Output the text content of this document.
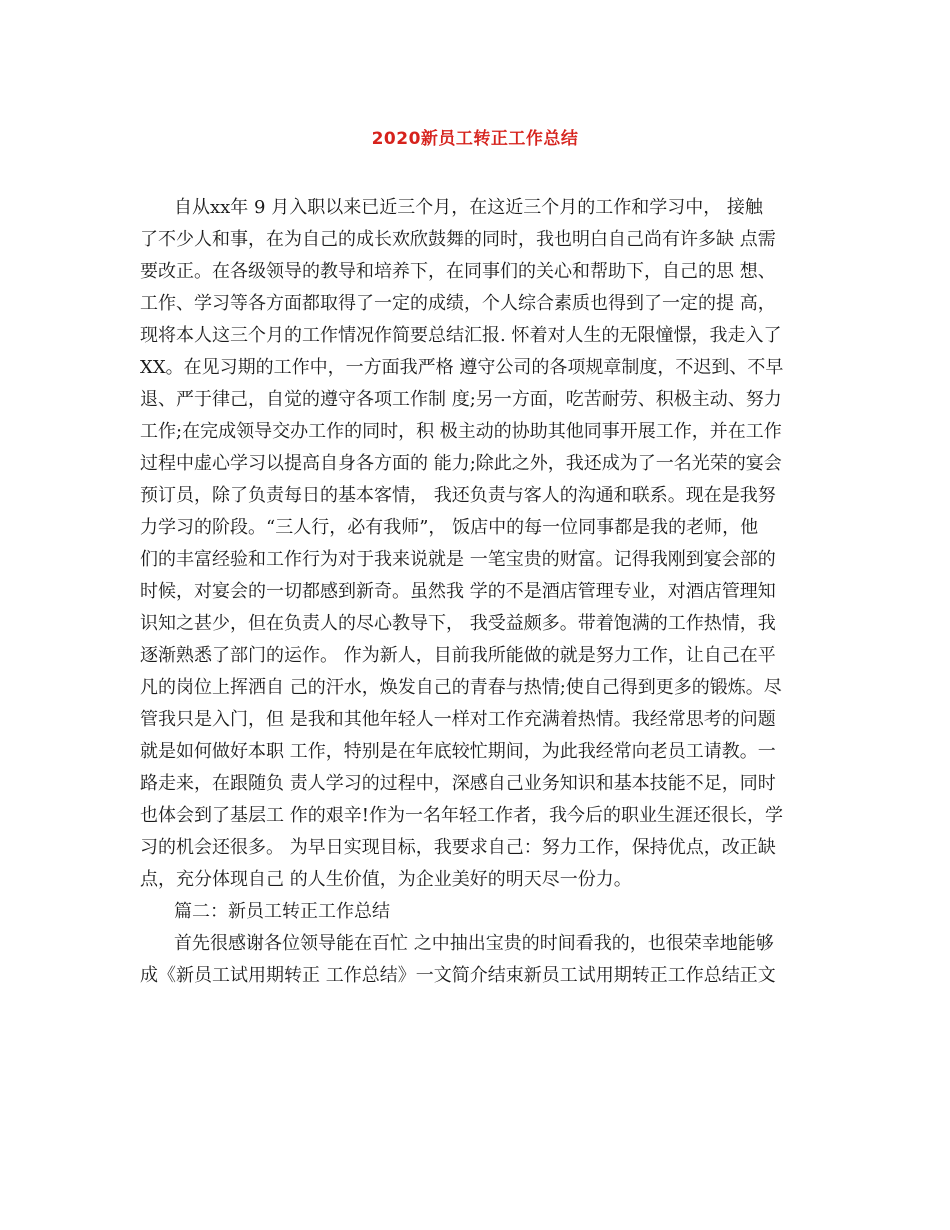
2020新员工转正工作总结
自从xx年 9 月入职以来已近三个月，在这近三个月的工作和学习中， 接触
了不少人和事，在为自己的成长欢欣鼓舞的同时，我也明白自己尚有许多缺 点需
要改正。在各级领导的教导和培养下，在同事们的关心和帮助下，自己的思 想、
工作、学习等各方面都取得了一定的成绩，个人综合素质也得到了一定的提 高，
现将本人这三个月的工作情况作简要总结汇报. 怀着对人生的无限憧憬，我走入了
XX。在见习期的工作中，一方面我严格 遵守公司的各项规章制度，不迟到、不早
退、严于律己，自觉的遵守各项工作制 度;另一方面，吃苦耐劳、积极主动、努力
工作;在完成领导交办工作的同时，积 极主动的协助其他同事开展工作，并在工作
过程中虚心学习以提高自身各方面的 能力;除此之外，我还成为了一名光荣的宴会
预订员，除了负责每日的基本客情， 我还负责与客人的沟通和联系。现在是我努
力学习的阶段。“三人行，必有我师”， 饭店中的每一位同事都是我的老师，他
们的丰富经验和工作行为对于我来说就是 一笔宝贵的财富。记得我刚到宴会部的
时候，对宴会的一切都感到新奇。虽然我 学的不是酒店管理专业，对酒店管理知
识知之甚少，但在负责人的尽心教导下， 我受益颇多。带着饱满的工作热情，我
逐渐熟悉了部门的运作。 作为新人，目前我所能做的就是努力工作，让自己在平
凡的岗位上挥洒自 己的汗水，焕发自己的青春与热情;使自己得到更多的锻炼。尽
管我只是入门，但 是我和其他年轻人一样对工作充满着热情。我经常思考的问题
就是如何做好本职 工作，特别是在年底较忙期间，为此我经常向老员工请教。一
路走来，在跟随负 责人学习的过程中，深感自己业务知识和基本技能不足，同时
也体会到了基层工 作的艰辛!作为一名年轻工作者，我今后的职业生涯还很长，学
习的机会还很多。 为早日实现目标，我要求自己：努力工作，保持优点，改正缺
点，充分体现自己 的人生价值，为企业美好的明天尽一份力。
篇二：新员工转正工作总结
首先很感谢各位领导能在百忙 之中抽出宝贵的时间看我的，也很荣幸地能够
成《新员工试用期转正 工作总结》一文简介结束新员工试用期转正工作总结正文
